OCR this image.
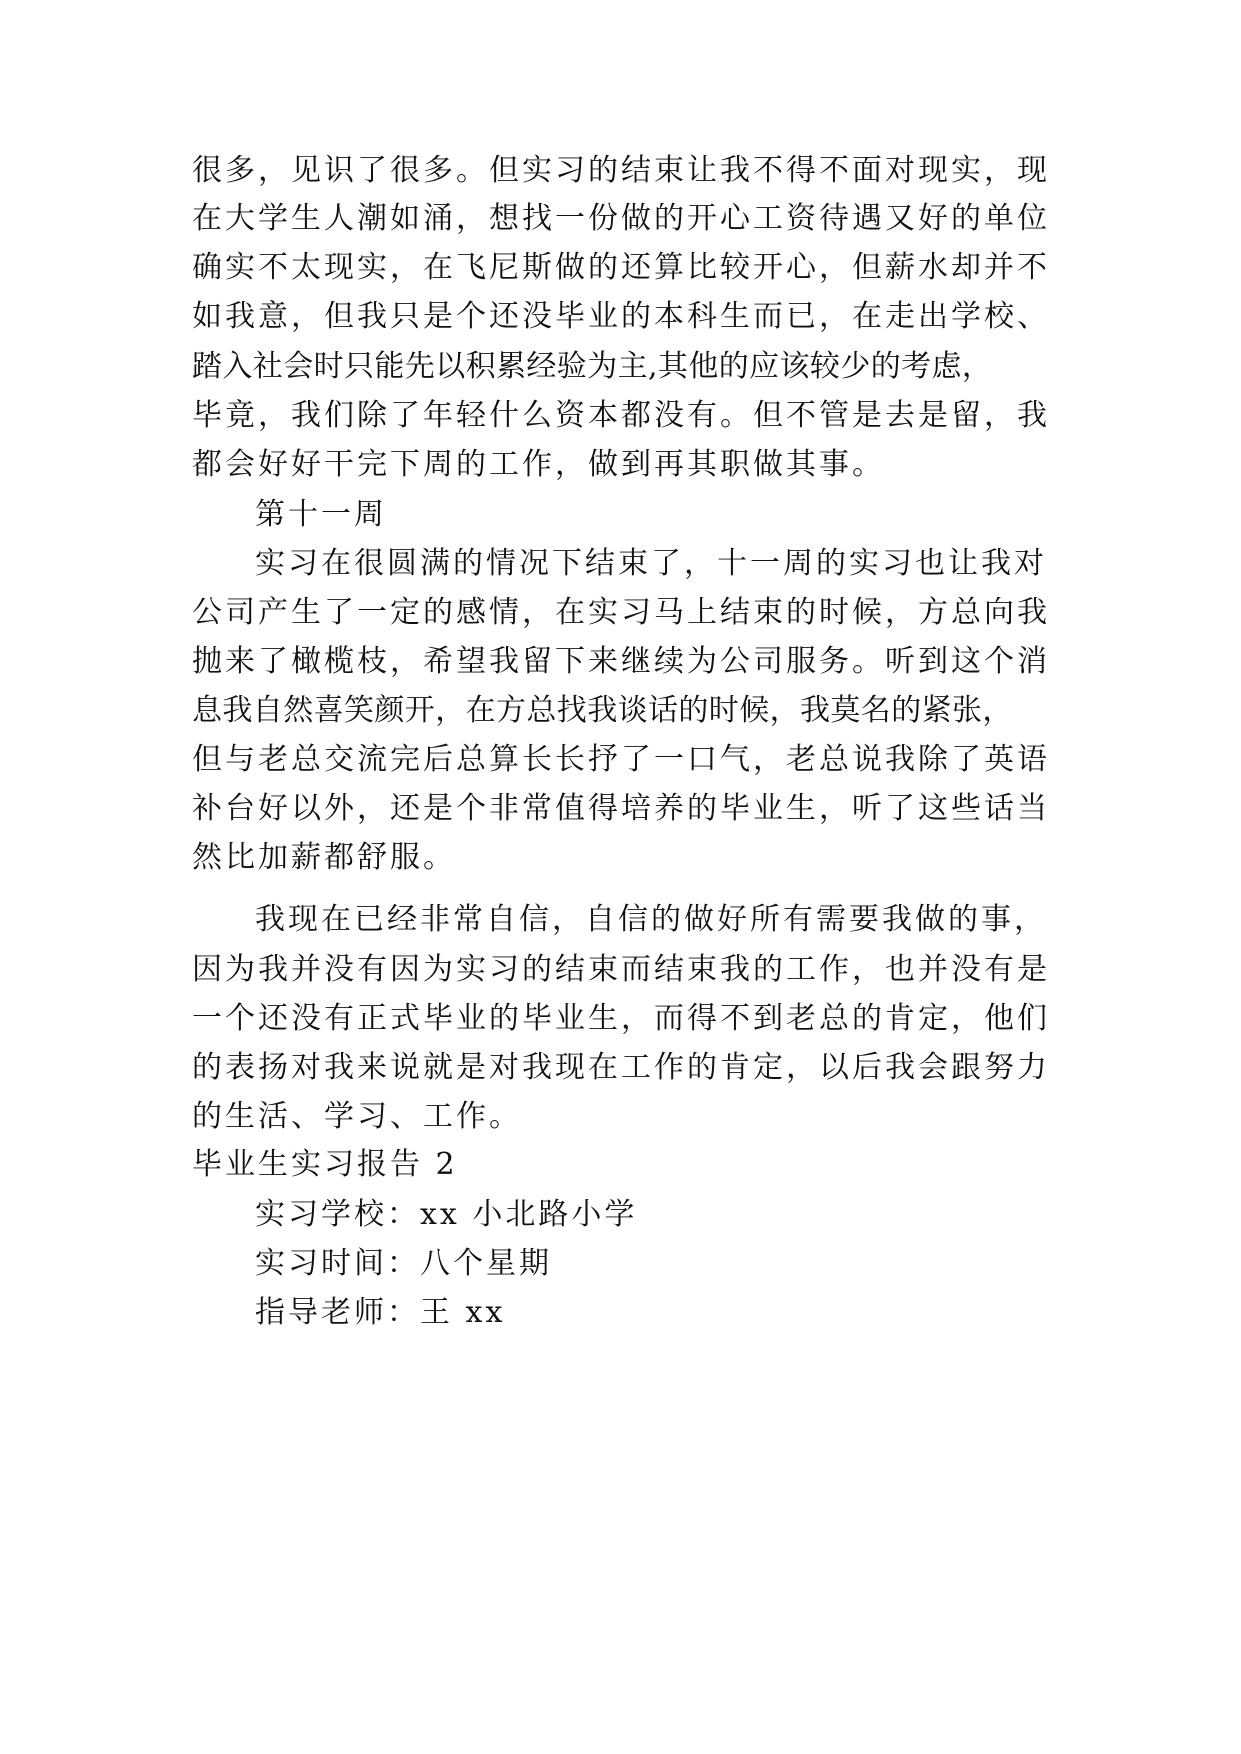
很多，见识了很多。但实习的结束让我不得不面对现实，现
在大学生人潮如涌，想找一份做的开心工资待遇又好的单位
确实不太现实，在飞尼斯做的还算比较开心，但薪水却并不
如我意，但我只是个还没毕业的本科生而已，在走出学校、
踏入社会时只能先以积累经验为主,其他的应该较少的考虑，
毕竟，我们除了年轻什么资本都没有。但不管是去是留，我
都会好好干完下周的工作，做到再其职做其事。
第十一周
实习在很圆满的情况下结束了，十一周的实习也让我对
公司产生了一定的感情，在实习马上结束的时候，方总向我
抛来了橄榄枝，希望我留下来继续为公司服务。听到这个消
息我自然喜笑颜开，在方总找我谈话的时候，我莫名的紧张，
但与老总交流完后总算长长抒了一口气，老总说我除了英语
补台好以外，还是个非常值得培养的毕业生，听了这些话当
然比加薪都舒服。
我现在已经非常自信，自信的做好所有需要我做的事，
因为我并没有因为实习的结束而结束我的工作，也并没有是
一个还没有正式毕业的毕业生，而得不到老总的肯定，他们
的表扬对我来说就是对我现在工作的肯定，以后我会跟努力
的生活、学习、工作。
毕业生实习报告 2
实习学校：xx 小北路小学
实习时间：八个星期
指导老师：王 xx
